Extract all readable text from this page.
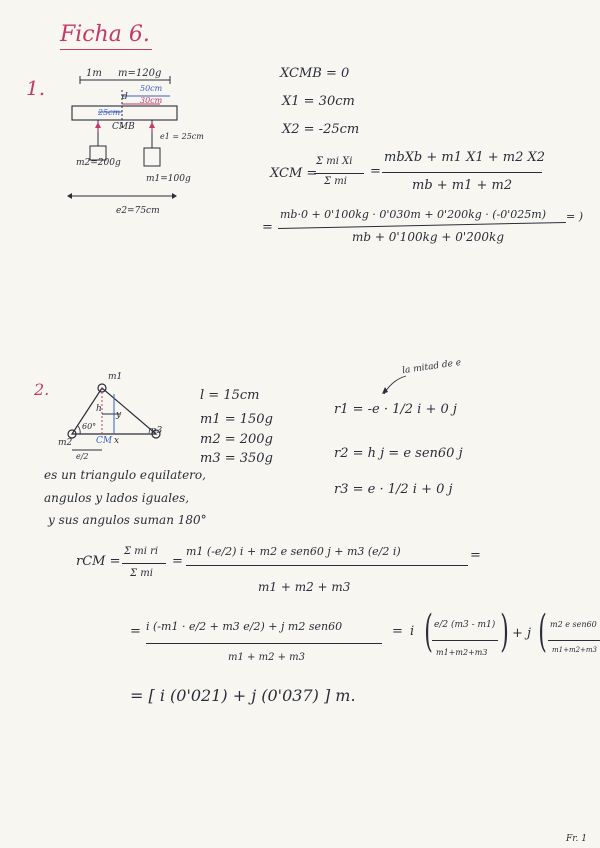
Ficha 6.
1.
1m m=120g
50cm
25cm
30cm
d
CMB
e1 = 25cm
m2=200g
m1=100g
e2=75cm
XCMB = 0
X1 = 30cm
X2 = -25cm
XCM =
Σ mi Xi
Σ mi
=
mbXb + m1 X1 + m2 X2
mb + m1 + m2
=
mb·0 + 0'100kg · 0'030m + 0'200kg · (-0'025m)
mb + 0'100kg + 0'200kg
= )
2.
m1
m2
m3
60°
h
y
CM x
e/2
l = 15cm
m1 = 150g
m2 = 200g
m3 = 350g
la mitad de e
r1 = -e · 1/2 i + 0 j
r2 = h j = e sen60 j
r3 = e · 1/2 i + 0 j
es un triangulo equilatero,
angulos y lados iguales,
y sus angulos suman 180°
rCM =
Σ mi ri
Σ mi
=
m1 (-e/2) i + m2 e sen60 j + m3 (e/2 i)
m1 + m2 + m3
=
= i (-m1 · e/2 + m3 e/2) + j m2 sen60
m1 + m2 + m3
= i ( e/2 (m3 - m1)
m1+m2+m3 ) + j ( m2 e sen60
m1+m2+m3
= [ i (0'021) + j (0'037) ] m.
Fr. 1
